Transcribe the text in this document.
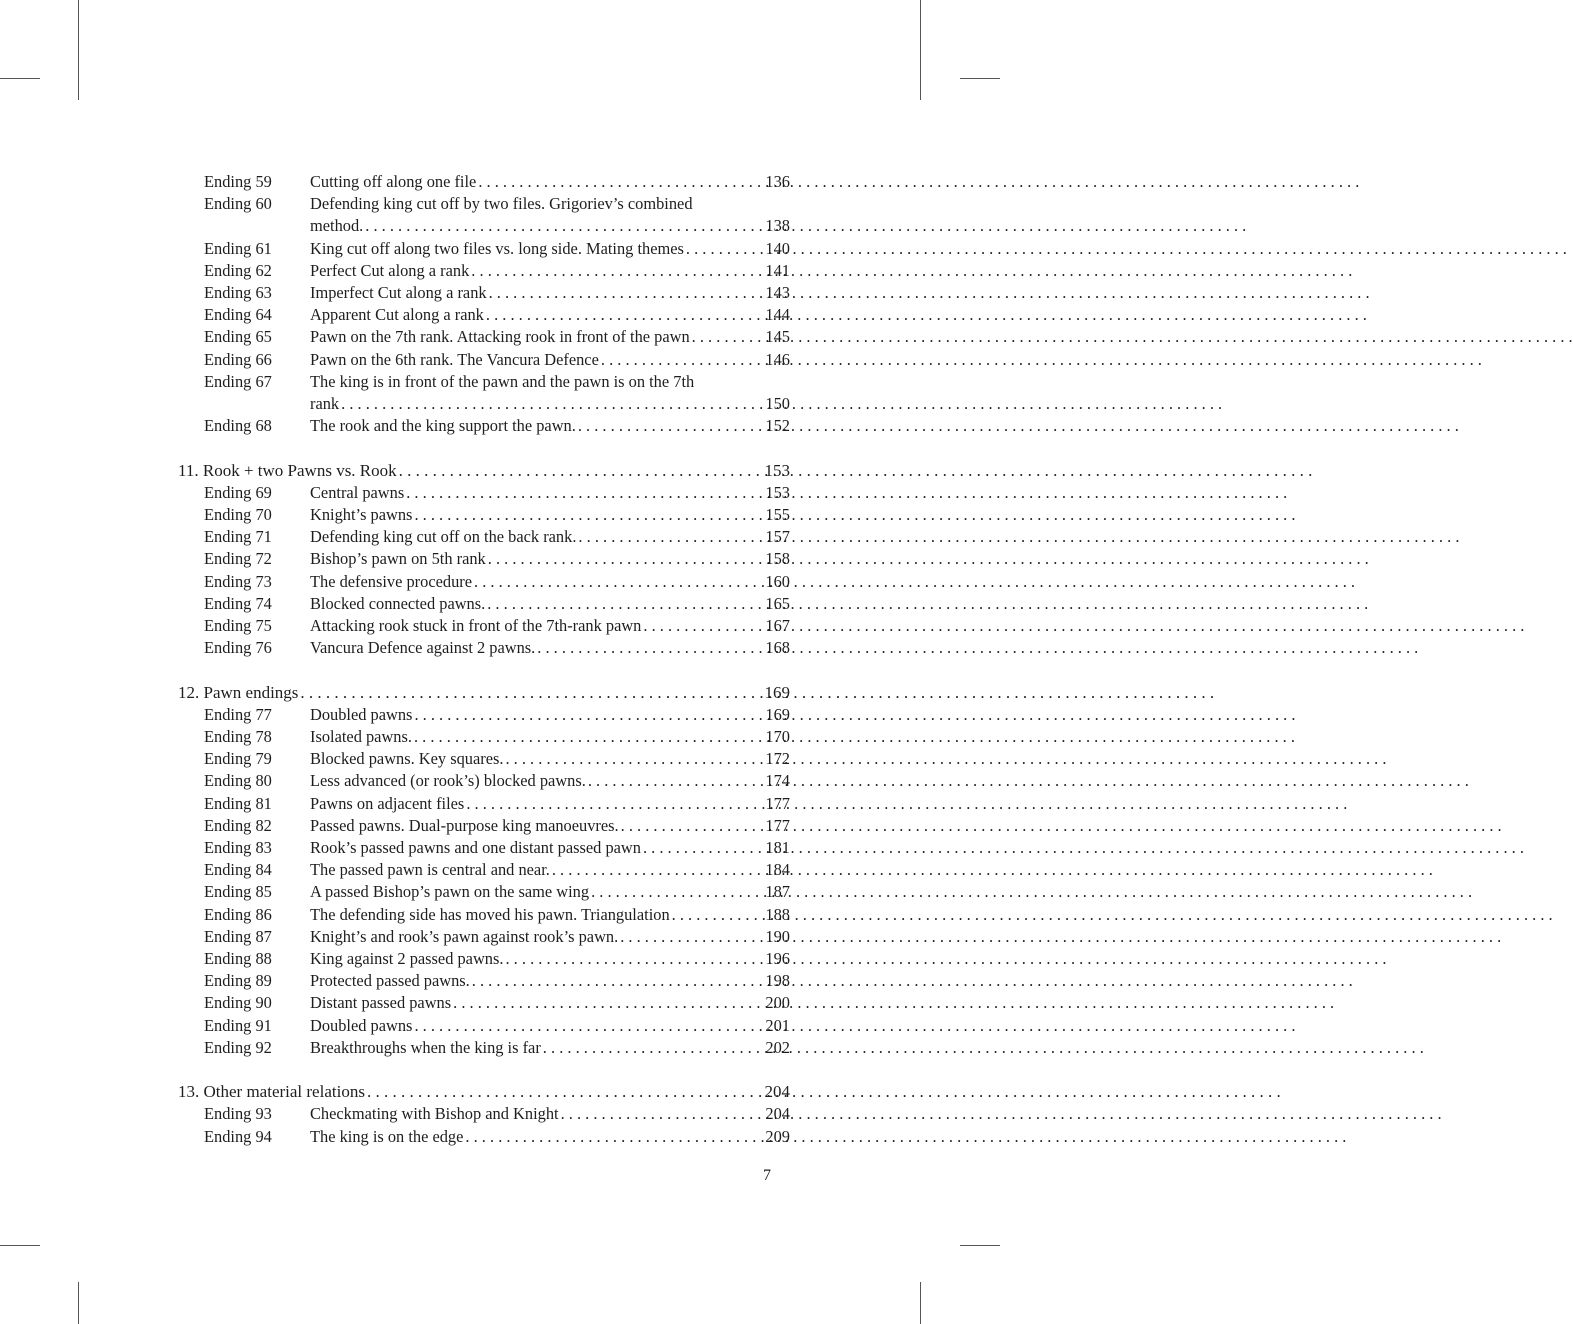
Ending 59	Cutting off along one file . . .	136
Ending 60	Defending king cut off by two files. Grigoriev’s combined
method. . . .	138
Ending 61	King cut off along two files vs. long side. Mating themes . . .	140
Ending 62	Perfect Cut along a rank . . .	141
Ending 63	Imperfect Cut along a rank . . .	143
Ending 64	Apparent Cut along a rank . . .	144
Ending 65	Pawn on the 7th rank. Attacking rook in front of the pawn . . .	145
Ending 66	Pawn on the 6th rank. The Vancura Defence . . .	146
Ending 67	The king is in front of the pawn and the pawn is on the 7th
rank . . .	150
Ending 68	The rook and the king support the pawn. . . .	152
11. Rook + two Pawns vs. Rook . . .	153
Ending 69	Central pawns . . .	153
Ending 70	Knight’s pawns . . .	155
Ending 71	Defending king cut off on the back rank. . . .	157
Ending 72	Bishop’s pawn on 5th rank . . .	158
Ending 73	The defensive procedure . . .	160
Ending 74	Blocked connected pawns. . . .	165
Ending 75	Attacking rook stuck in front of the 7th-rank pawn . . .	167
Ending 76	Vancura Defence against 2 pawns. . . .	168
12. Pawn endings . . .	169
Ending 77	Doubled pawns . . .	169
Ending 78	Isolated pawns. . . .	170
Ending 79	Blocked pawns. Key squares. . . .	172
Ending 80	Less advanced (or rook’s) blocked pawns. . . .	174
Ending 81	Pawns on adjacent files . . .	177
Ending 82	Passed pawns. Dual-purpose king manoeuvres. . . .	177
Ending 83	Rook’s passed pawns and one distant passed pawn . . .	181
Ending 84	The passed pawn is central and near. . . .	184
Ending 85	A passed Bishop’s pawn on the same wing . . .	187
Ending 86	The defending side has moved his pawn. Triangulation . . .	188
Ending 87	Knight’s and rook’s pawn against rook’s pawn. . . .	190
Ending 88	King against 2 passed pawns. . . .	196
Ending 89	Protected passed pawns. . . .	198
Ending 90	Distant passed pawns . . .	200
Ending 91	Doubled pawns . . .	201
Ending 92	Breakthroughs when the king is far . . .	202
13. Other material relations . . .	204
Ending 93	Checkmating with Bishop and Knight . . .	204
Ending 94	The king is on the edge . . .	209
7
